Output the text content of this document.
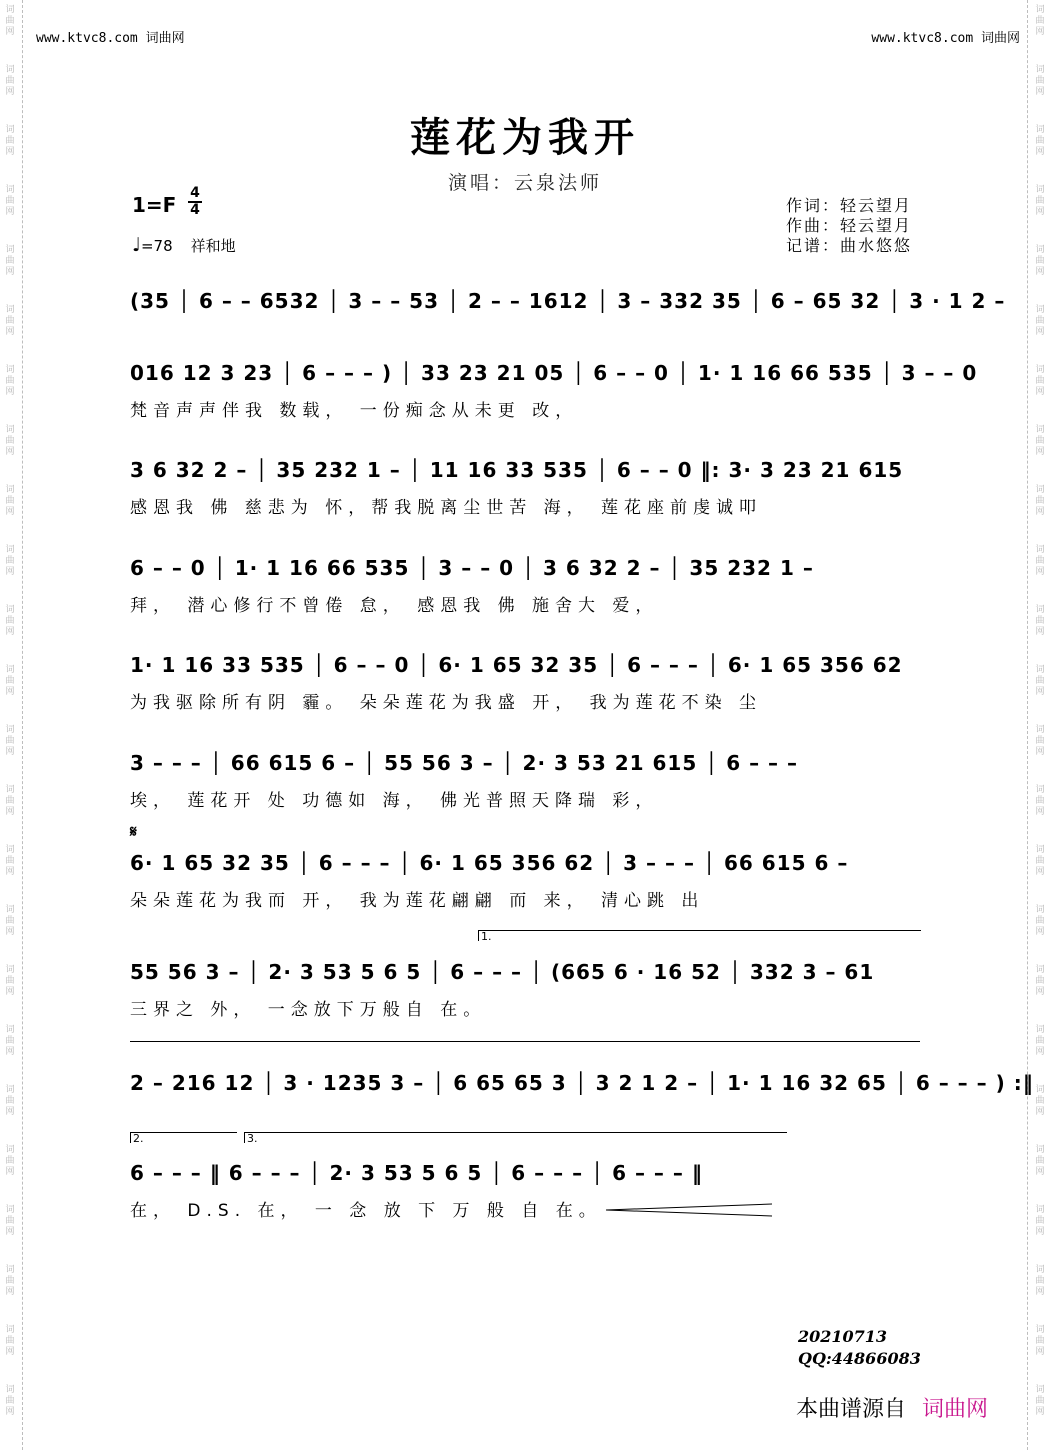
词
曲
网
词
曲
网
词
曲
网
词
曲
网
词
曲
网
词
曲
网
词
曲
网
词
曲
网
词
曲
网
词
曲
网
词
曲
网
词
曲
网
词
曲
网
词
曲
网
词
曲
网
词
曲
网
词
曲
网
词
曲
网
词
曲
网
词
曲
网
词
曲
网
词
曲
网
词
曲
网
词
曲
网
词
曲
网
词
曲
网
词
曲
网
词
曲
网
词
曲
网
词
曲
网
词
曲
网
词
曲
网
词
曲
网
词
曲
网
词
曲
网
词
曲
网
词
曲
网
词
曲
网
词
曲
网
词
曲
网
词
曲
网
词
曲
网
词
曲
网
词
曲
网
词
曲
网
词
曲
网
词
曲
网
词
曲
网
www.ktvc8.com 词曲网	www.ktvc8.com 词曲网
莲花为我开
演唱：云泉法师
1=F 4
4
♩=78 祥和地
作词：轻云望月
作曲：轻云望月
记谱：曲水悠悠
(35 │ 6 – – 6532 │ 3 – – 53 │ 2 – – 1612 │ 3 – 332 35 │ 6 – 65 32 │ 3 · 1 2 –
016 12 3 23 │ 6 – – – ) │ 33 23 21 05 │ 6 – – 0 │ 1· 1 16 66 535 │ 3 – – 0
梵音声声伴我 数载， 一份痴念从未更 改，
3 6 32 2 – │ 35 232 1 – │ 11 16 33 535 │ 6 – – 0 ‖: 3· 3 23 21 615
感恩我 佛 慈悲为 怀，帮我脱离尘世苦 海， 莲花座前虔诚叩
6 – – 0 │ 1· 1 16 66 535 │ 3 – – 0 │ 3 6 32 2 – │ 35 232 1 –
拜， 潜心修行不曾倦 怠， 感恩我 佛 施舍大 爱，
1· 1 16 33 535 │ 6 – – 0 │ 6· 1 65 32 35 │ 6 – – – │ 6· 1 65 356 62
为我驱除所有阴 霾。 朵朵莲花为我盛 开， 我为莲花不染 尘
3 – – – │ 66 615 6 – │ 55 56 3 – │ 2· 3 53 21 615 │ 6 – – –
埃， 莲花开 处 功德如 海， 佛光普照天降瑞 彩，
𝄋
6· 1 65 32 35 │ 6 – – – │ 6· 1 65 356 62 │ 3 – – – │ 66 615 6 –
朵朵莲花为我而 开， 我为莲花翩翩 而 来， 清心跳 出
1.
55 56 3 – │ 2· 3 53 5 6 5 │ 6 – – – │ (665 6 · 16 52 │ 332 3 – 61
三界之 外， 一念放下万般自 在。
2 – 216 12 │ 3 · 1235 3 – │ 6 65 65 3 │ 3 2 1 2 – │ 1· 1 16 32 65 │ 6 – – – ) :‖
2.	3.
6 – – – ‖ 6 – – – │ 2· 3 53 5 6 5 │ 6 – – – │ 6 – – – ‖
在， D.S. 在， 一 念 放 下 万 般 自 在。
20210713
QQ:44866083
本曲谱源自 词曲网
